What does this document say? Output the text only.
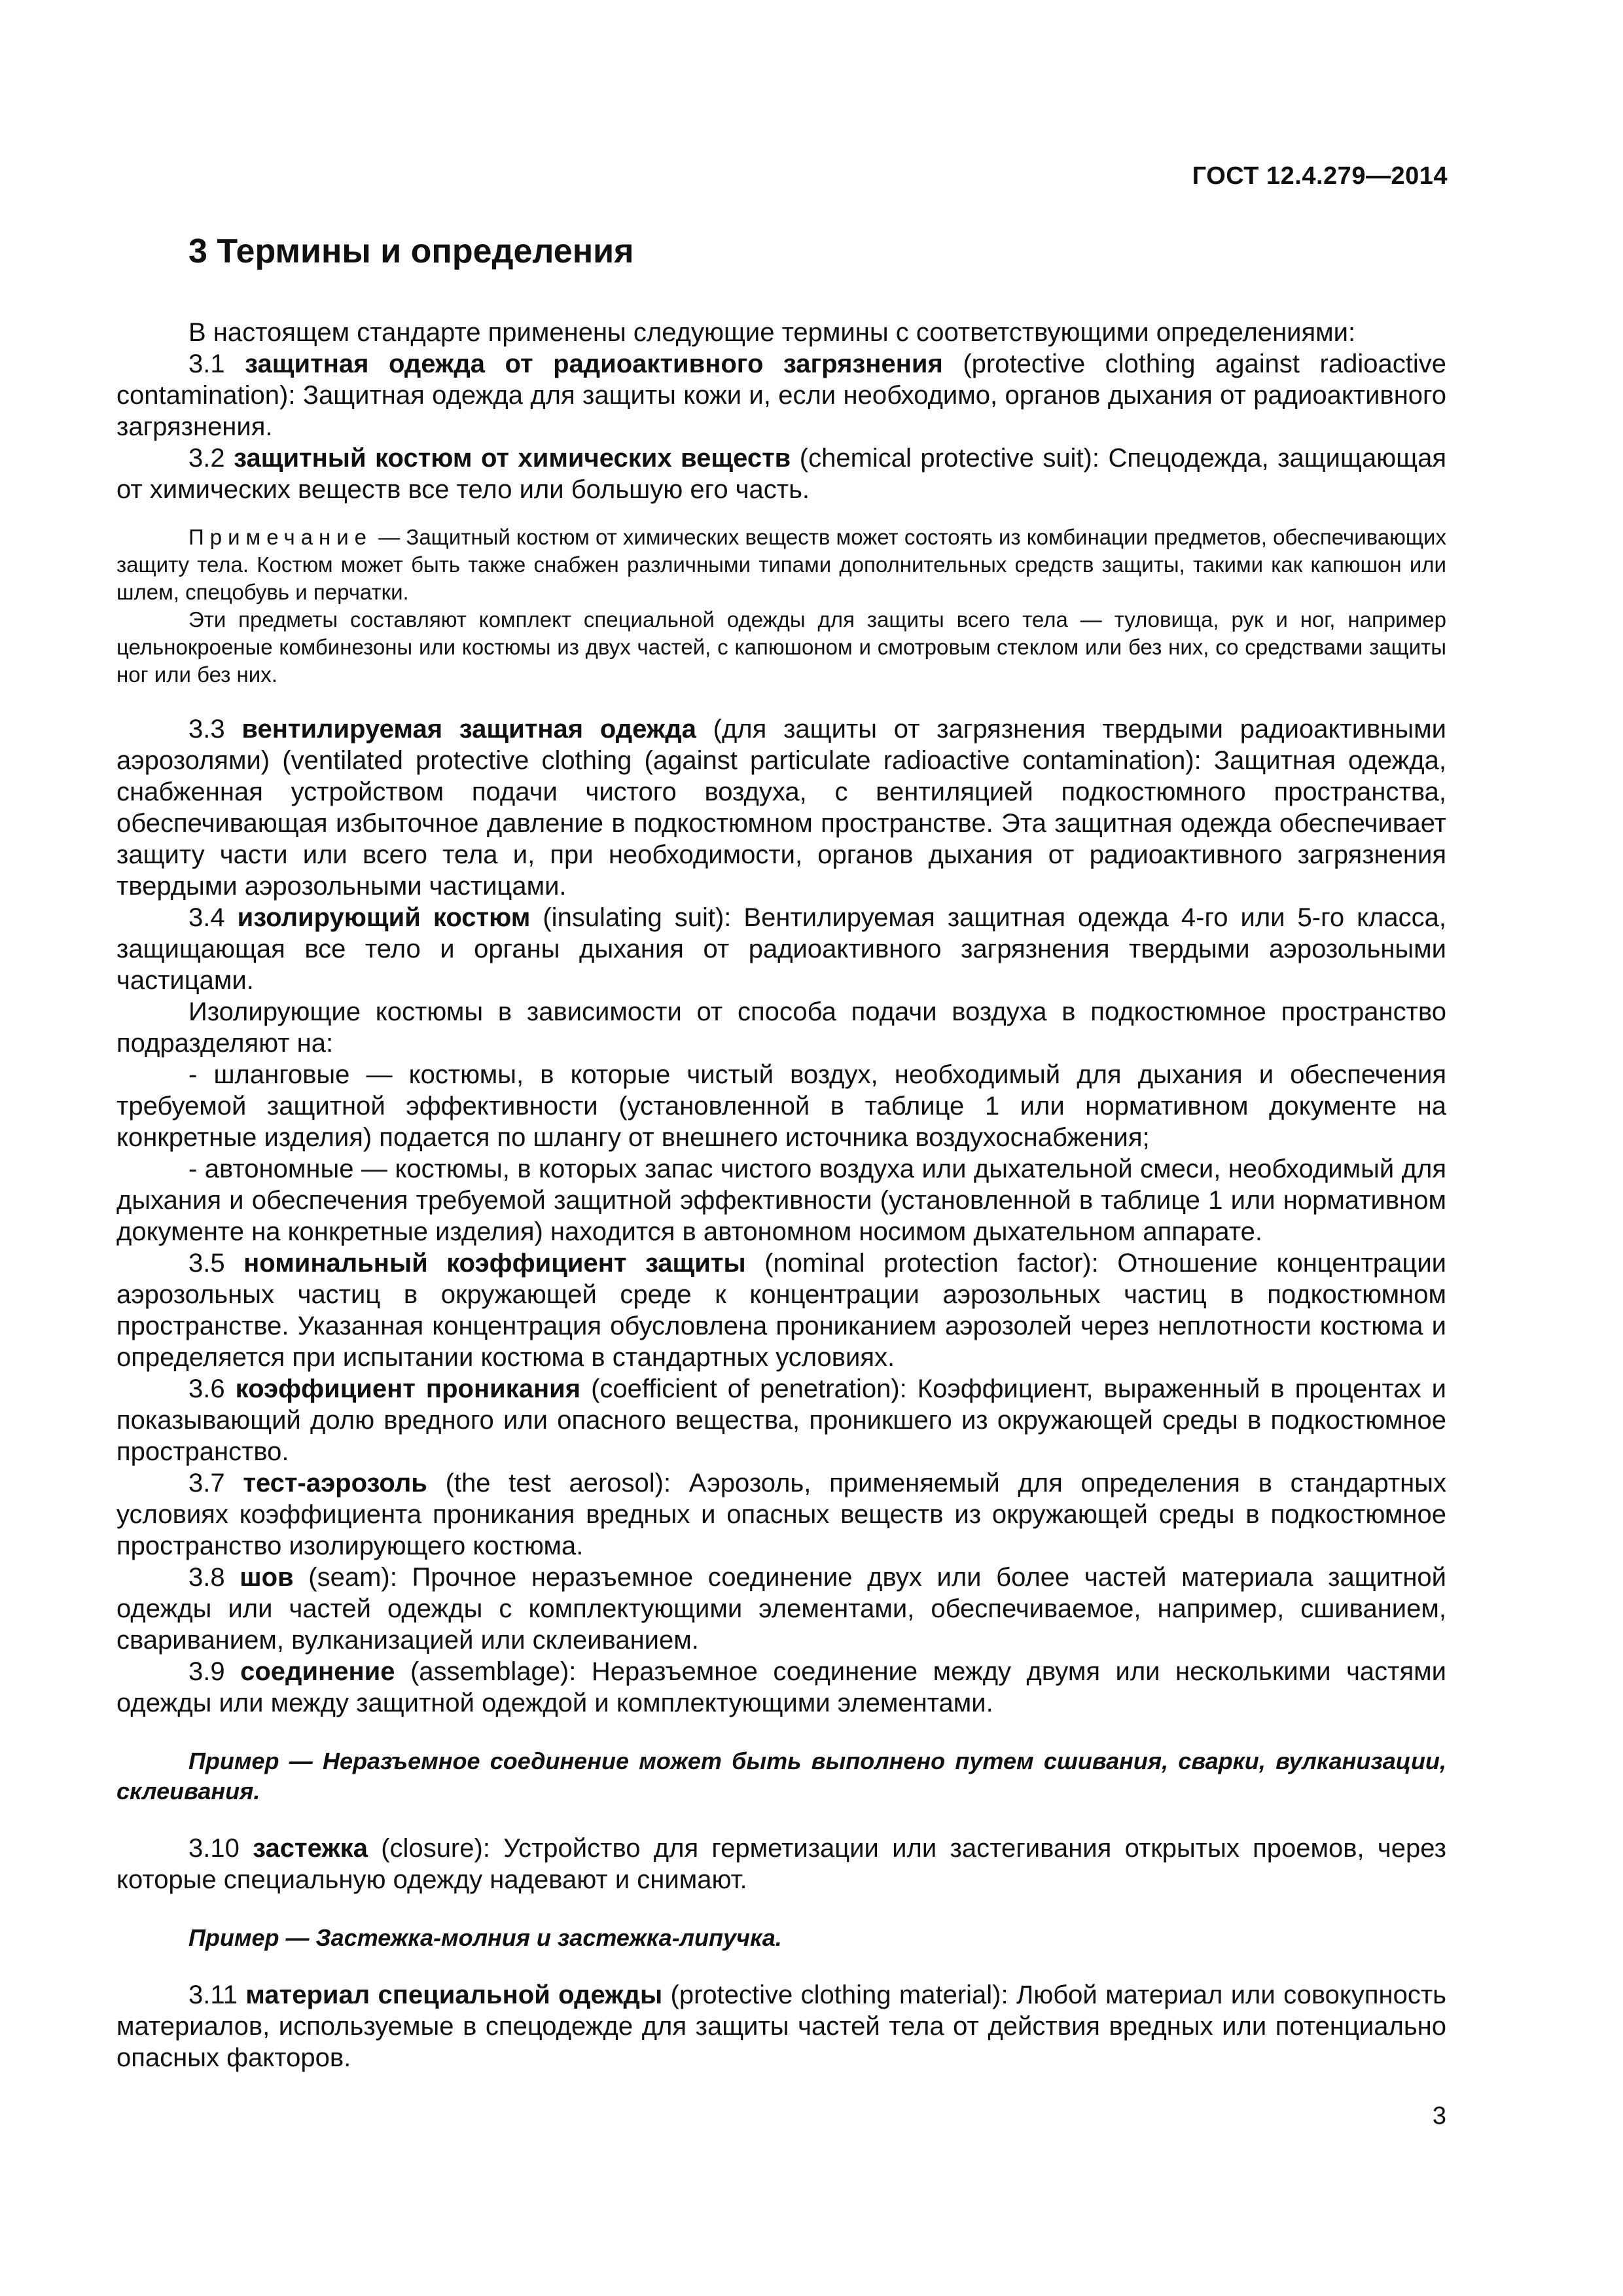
ГОСТ 12.4.279—2014
3 Термины и определения

В настоящем стандарте применены следующие термины с соответствующими определениями:

3.1 защитная одежда от радиоактивного загрязнения (protective clothing against radioactive contamination): Защитная одежда для защиты кожи и, если необходимо, органов дыхания от радиоактивного загрязнения.

3.2 защитный костюм от химических веществ (chemical protective suit): Спецодежда, защищающая от химических веществ все тело или большую его часть.

Примечание — Защитный костюм от химических веществ может состоять из комбинации предметов, обеспечивающих защиту тела. Костюм может быть также снабжен различными типами дополнительных средств защиты, такими как капюшон или шлем, спецобувь и перчатки.

Эти предметы составляют комплект специальной одежды для защиты всего тела — туловища, рук и ног, например цельнокроеные комбинезоны или костюмы из двух частей, с капюшоном и смотровым стеклом или без них, со средствами защиты ног или без них.

3.3 вентилируемая защитная одежда (для защиты от загрязнения твердыми радиоактивными аэрозолями) (ventilated protective clothing (against particulate radioactive contamination): Защитная одежда, снабженная устройством подачи чистого воздуха, с вентиляцией подкостюмного пространства, обеспечивающая избыточное давление в подкостюмном пространстве. Эта защитная одежда обеспечивает защиту части или всего тела и, при необходимости, органов дыхания от радиоактивного загрязнения твердыми аэрозольными частицами.

3.4 изолирующий костюм (insulating suit): Вентилируемая защитная одежда 4-го или 5-го класса, защищающая все тело и органы дыхания от радиоактивного загрязнения твердыми аэрозольными частицами.

Изолирующие костюмы в зависимости от способа подачи воздуха в подкостюмное пространство подразделяют на:

- шланговые — костюмы, в которые чистый воздух, необходимый для дыхания и обеспечения требуемой защитной эффективности (установленной в таблице 1 или нормативном документе на конкретные изделия) подается по шлангу от внешнего источника воздухоснабжения;

- автономные — костюмы, в которых запас чистого воздуха или дыхательной смеси, необходимый для дыхания и обеспечения требуемой защитной эффективности (установленной в таблице 1 или нормативном документе на конкретные изделия) находится в автономном носимом дыхательном аппарате.

3.5 номинальный коэффициент защиты (nominal protection factor): Отношение концентрации аэрозольных частиц в окружающей среде к концентрации аэрозольных частиц в подкостюмном пространстве. Указанная концентрация обусловлена прониканием аэрозолей через неплотности костюма и определяется при испытании костюма в стандартных условиях.

3.6 коэффициент проникания (coefficient of penetration): Коэффициент, выраженный в процентах и показывающий долю вредного или опасного вещества, проникшего из окружающей среды в подкостюмное пространство.

3.7 тест-аэрозоль (the test aerosol): Аэрозоль, применяемый для определения в стандартных условиях коэффициента проникания вредных и опасных веществ из окружающей среды в подкостюмное пространство изолирующего костюма.

3.8 шов (seam): Прочное неразъемное соединение двух или более частей материала защитной одежды или частей одежды с комплектующими элементами, обеспечиваемое, например, сшиванием, свариванием, вулканизацией или склеиванием.

3.9 соединение (assemblage): Неразъемное соединение между двумя или несколькими частями одежды или между защитной одеждой и комплектующими элементами.

Пример — Неразъемное соединение может быть выполнено путем сшивания, сварки, вулканизации, склеивания.

3.10 застежка (closure): Устройство для герметизации или застегивания открытых проемов, через которые специальную одежду надевают и снимают.

Пример — Застежка-молния и застежка-липучка.

3.11 материал специальной одежды (protective clothing material): Любой материал или совокупность материалов, используемые в спецодежде для защиты частей тела от действия вредных или потенциально опасных факторов.

3
